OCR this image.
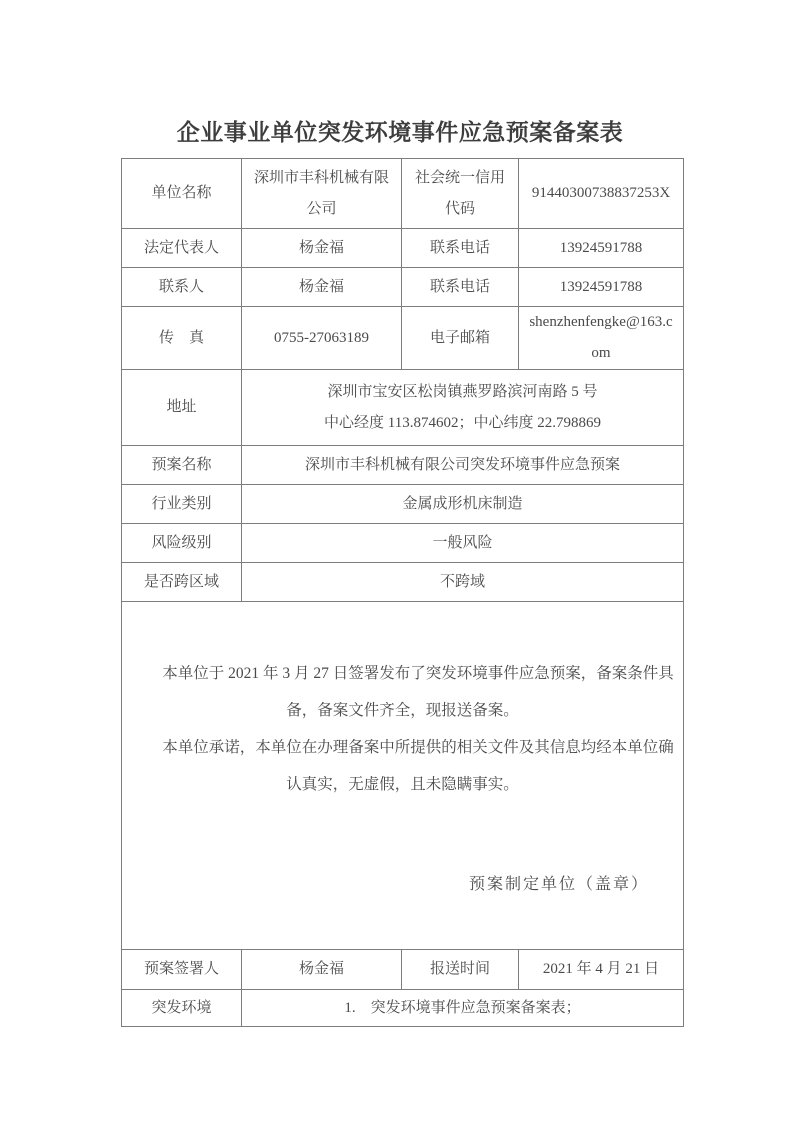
企业事业单位突发环境事件应急预案备案表
单位名称	深圳市丰科机械有限公司	社会统一信用代码	91440300738837253X
法定代表人	杨金福	联系电话	13924591788
联系人	杨金福	联系电话	13924591788
传　真	0755-27063189	电子邮箱	shenzhenfengke@163.com
地址	深圳市宝安区松岗镇燕罗路滨河南路 5 号
中心经度 113.874602；中心纬度 22.798869		
预案名称	深圳市丰科机械有限公司突发环境事件应急预案		
行业类别	金属成形机床制造		
风险级别	一般风险		
是否跨区域	不跨域		

本单位于 2021 年 3 月 27 日签署发布了突发环境事件应急预案，备案条件具备，备案文件齐全，现报送备案。

本单位承诺，本单位在办理备案中所提供的相关文件及其信息均经本单位确认真实，无虚假，且未隐瞒事实。

预案制定单位（盖章）			

预案签署人	杨金福	报送时间	2021 年 4 月 21 日
突发环境	1.　突发环境事件应急预案备案表；		
